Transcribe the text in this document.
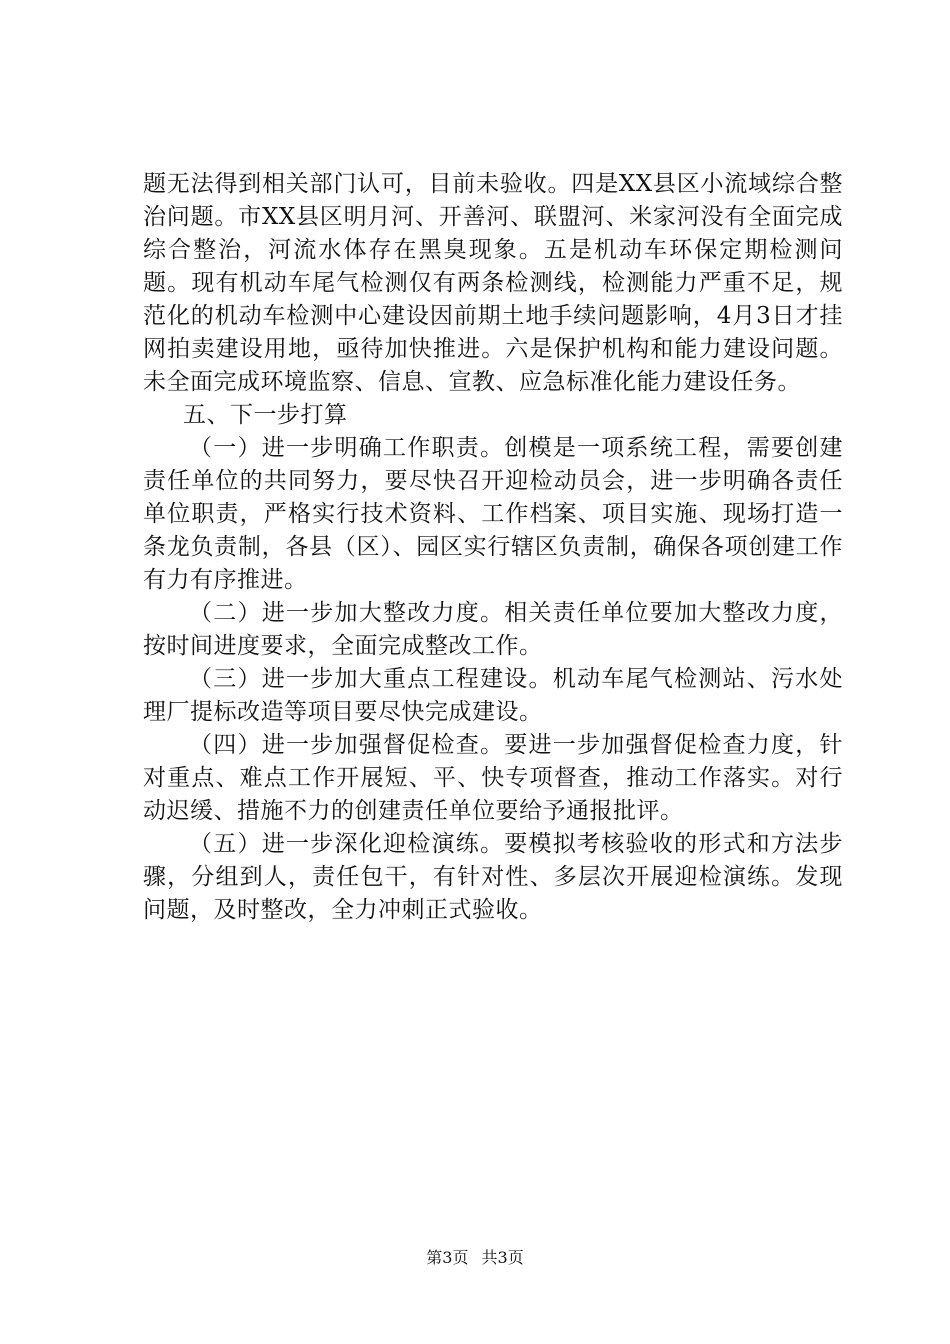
题无法得到相关部门认可，目前未验收。四是XX县区小流域综合整治问题。市XX县区明月河、开善河、联盟河、米家河没有全面完成综合整治，河流水体存在黑臭现象。五是机动车环保定期检测问题。现有机动车尾气检测仅有两条检测线，检测能力严重不足，规范化的机动车检测中心建设因前期土地手续问题影响，4月3日才挂网拍卖建设用地，亟待加快推进。六是保护机构和能力建设问题。未全面完成环境监察、信息、宣教、应急标准化能力建设任务。

五、下一步打算

（一）进一步明确工作职责。创模是一项系统工程，需要创建责任单位的共同努力，要尽快召开迎检动员会，进一步明确各责任单位职责，严格实行技术资料、工作档案、项目实施、现场打造一条龙负责制，各县（区）、园区实行辖区负责制，确保各项创建工作有力有序推进。

（二）进一步加大整改力度。相关责任单位要加大整改力度，按时间进度要求，全面完成整改工作。

（三）进一步加大重点工程建设。机动车尾气检测站、污水处理厂提标改造等项目要尽快完成建设。

（四）进一步加强督促检查。要进一步加强督促检查力度，针对重点、难点工作开展短、平、快专项督查，推动工作落实。对行动迟缓、措施不力的创建责任单位要给予通报批评。

（五）进一步深化迎检演练。要模拟考核验收的形式和方法步骤，分组到人，责任包干，有针对性、多层次开展迎检演练。发现问题，及时整改，全力冲刺正式验收。

第3页 共3页
